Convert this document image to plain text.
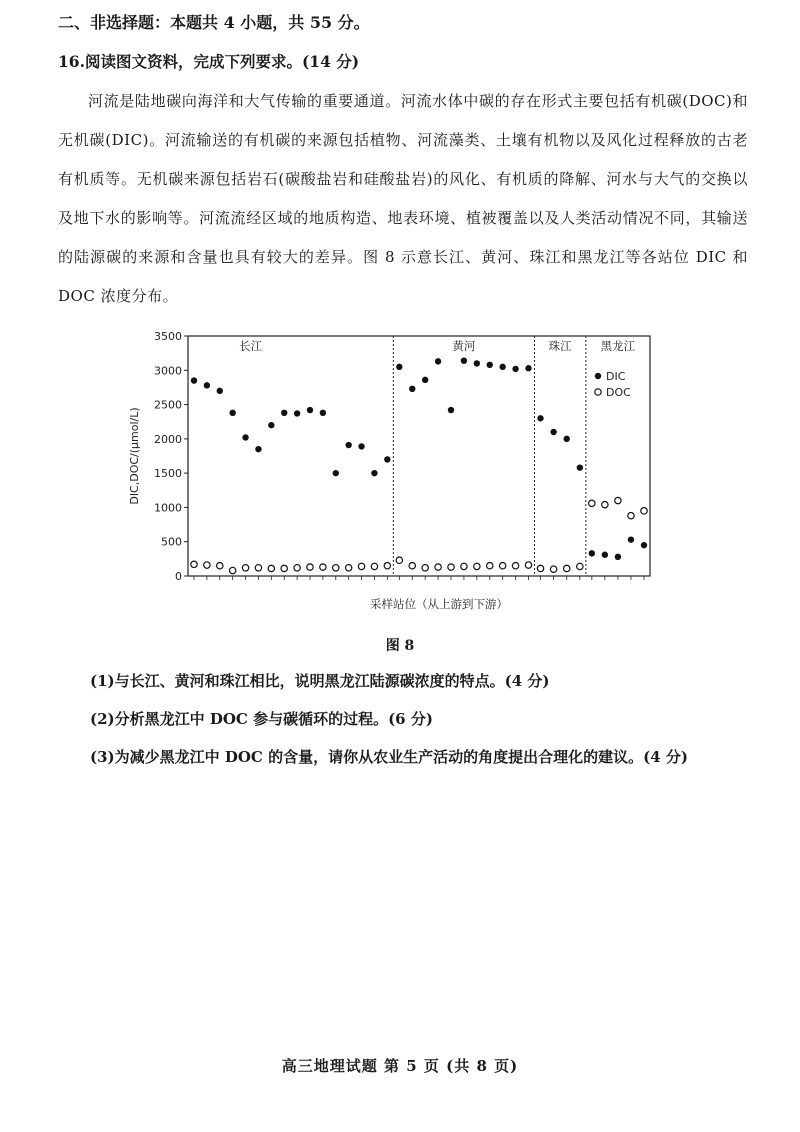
二、非选择题：本题共 4 小题，共 55 分。
16.阅读图文资料，完成下列要求。(14 分)
河流是陆地碳向海洋和大气传输的重要通道。河流水体中碳的存在形式主要包括有机碳(DOC)和无机碳(DIC)。河流输送的有机碳的来源包括植物、河流藻类、土壤有机物以及风化过程释放的古老有机质等。无机碳来源包括岩石(碳酸盐岩和硅酸盐岩)的风化、有机质的降解、河水与大气的交换以及地下水的影响等。河流流经区域的地质构造、地表环境、植被覆盖以及人类活动情况不同，其输送的陆源碳的来源和含量也具有较大的差异。图 8 示意长江、黄河、珠江和黑龙江等各站位 DIC 和 DOC 浓度分布。
0
500
1000
1500
2000
2500
3000
3500
DIC,DOC/(μmol/L)
采样站位（从上游到下游）
长江	黄河	珠江	黑龙江
DIC
DOC
图 8
(1)与长江、黄河和珠江相比，说明黑龙江陆源碳浓度的特点。(4 分)
(2)分析黑龙江中 DOC 参与碳循环的过程。(6 分)
(3)为减少黑龙江中 DOC 的含量，请你从农业生产活动的角度提出合理化的建议。(4 分)
高三地理试题 第 5 页 (共 8 页)
